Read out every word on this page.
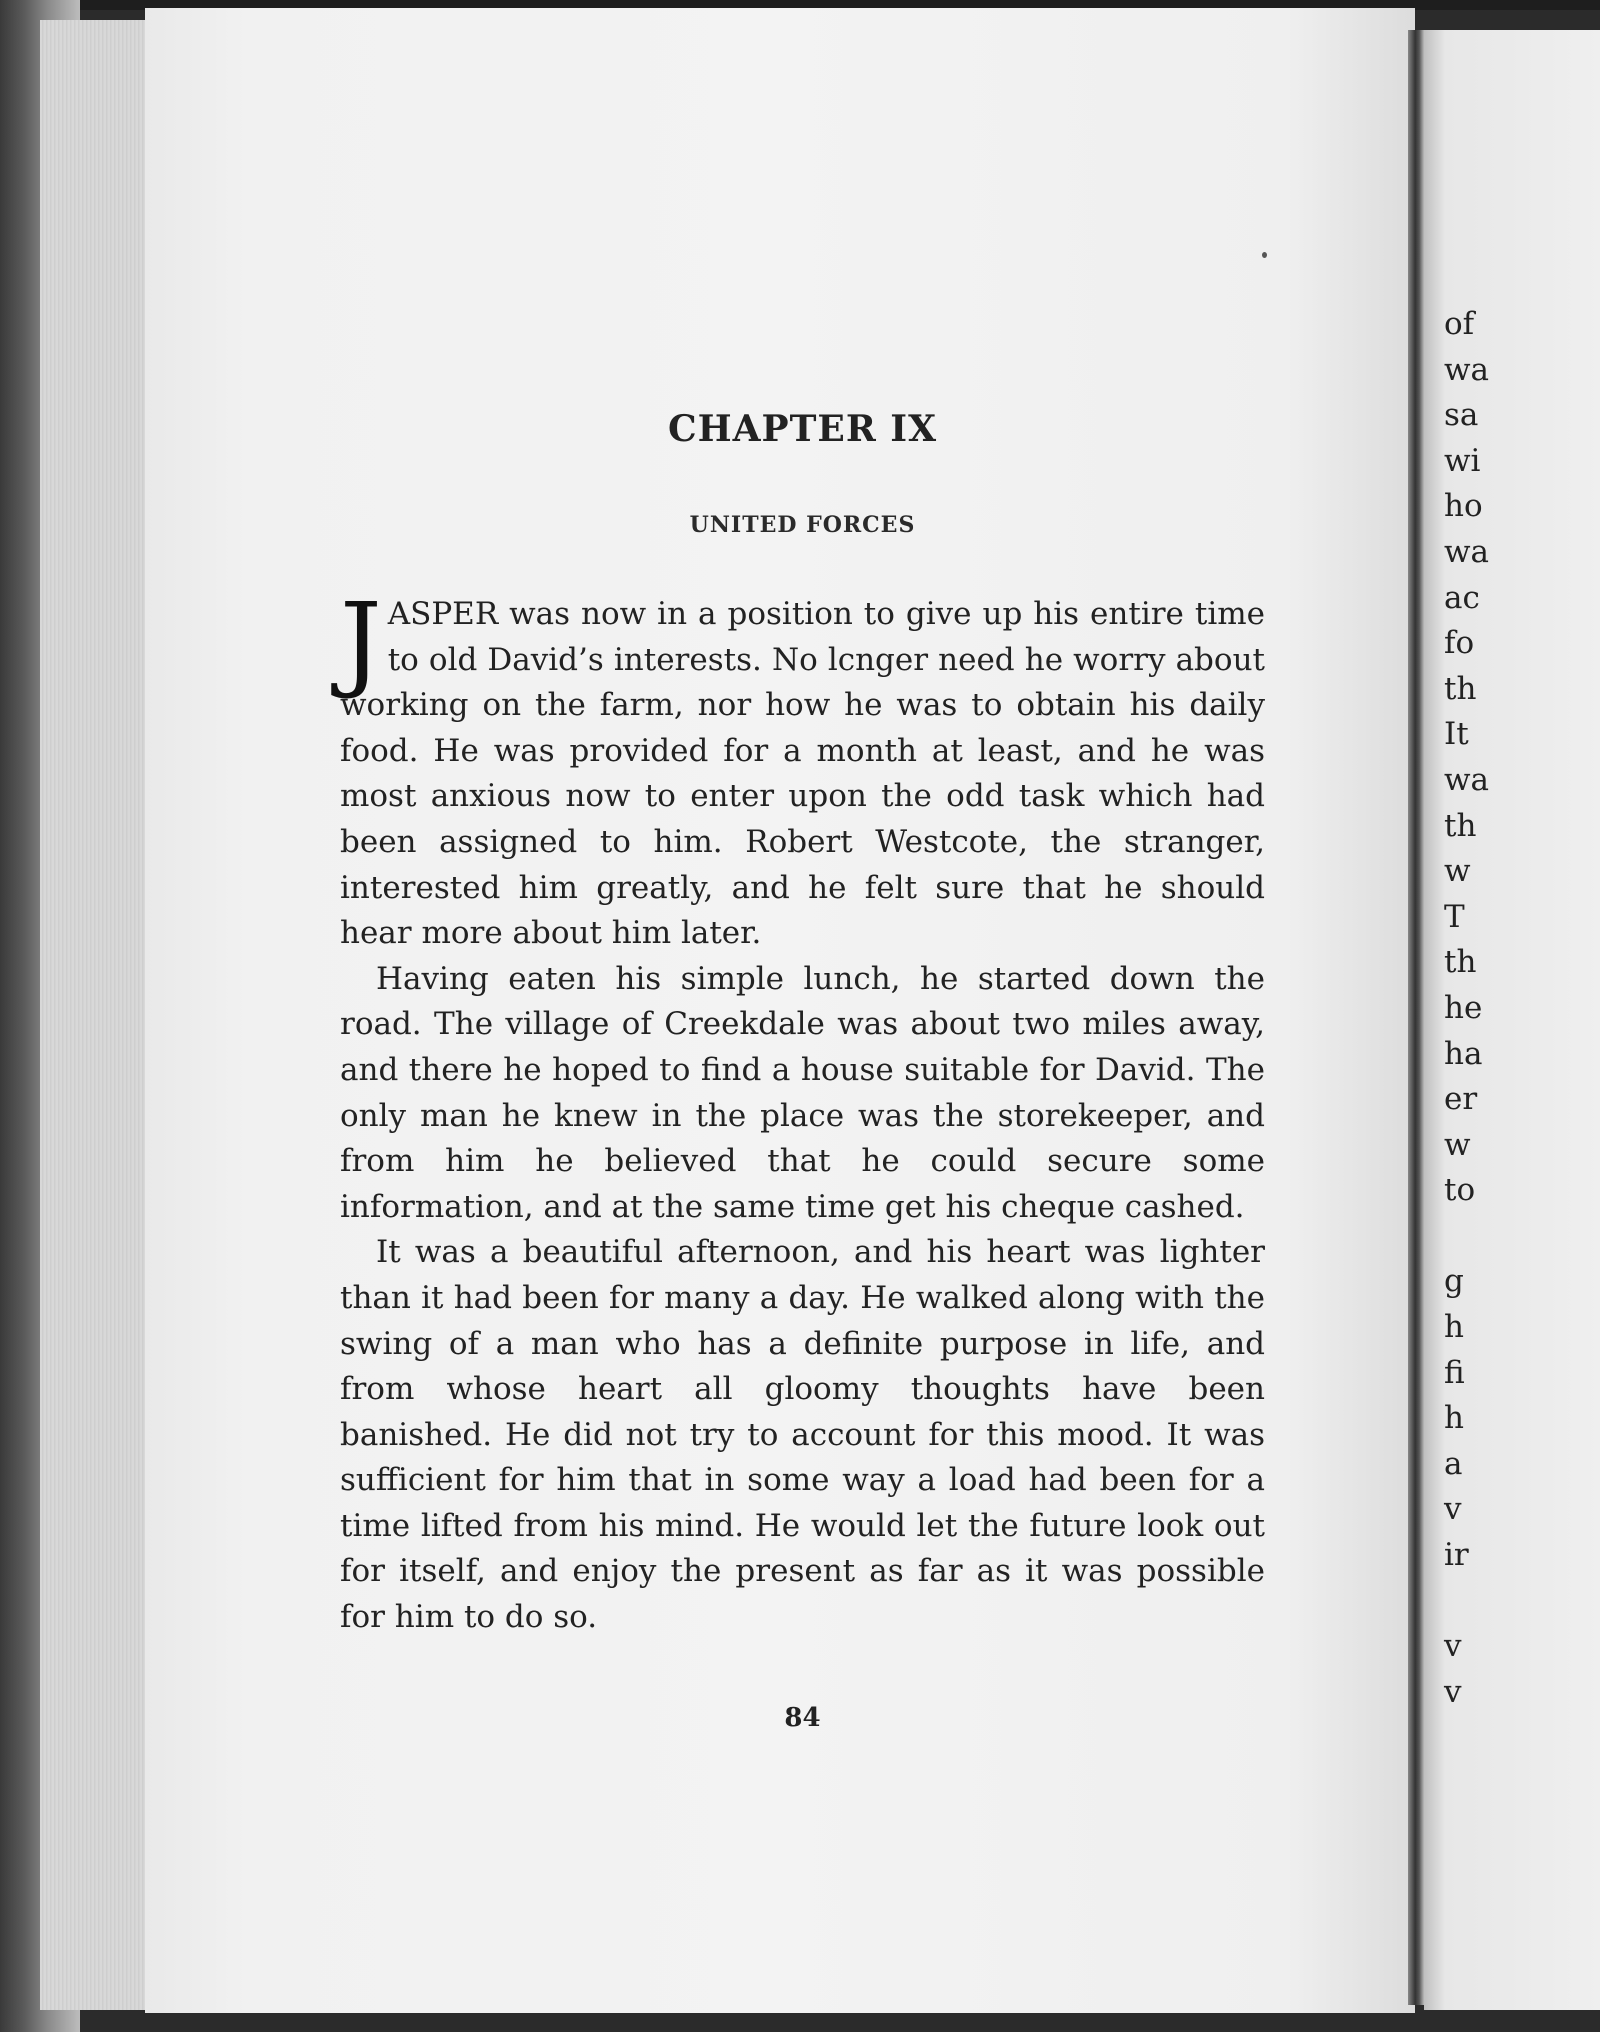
CHAPTER IX
UNITED FORCES

JASPER was now in a position to give up his entire time to old David’s interests. No lcnger need he worry about working on the farm, nor how he was to obtain his daily food. He was provided for a month at least, and he was most anxious now to enter upon the odd task which had been assigned to him. Robert Westcote, the stranger, interested him greatly, and he felt sure that he should hear more about him later.

Having eaten his simple lunch, he started down the road. The village of Creekdale was about two miles away, and there he hoped to find a house suitable for David. The only man he knew in the place was the storekeeper, and from him he believed that he could secure some information, and at the same time get his cheque cashed.

It was a beautiful afternoon, and his heart was lighter than it had been for many a day. He walked along with the swing of a man who has a definite purpose in life, and from whose heart all gloomy thoughts have been banished. He did not try to account for this mood. It was sufficient for him that in some way a load had been for a time lifted from his mind. He would let the future look out for itself, and enjoy the present as far as it was possible for him to do so.

84
of
wa
sa
wi
ho
wa
ac
fo
th
It
wa
th
w
T
th
he
ha
er
w
to
g
h
fi
h
a
v
ir
v
v
